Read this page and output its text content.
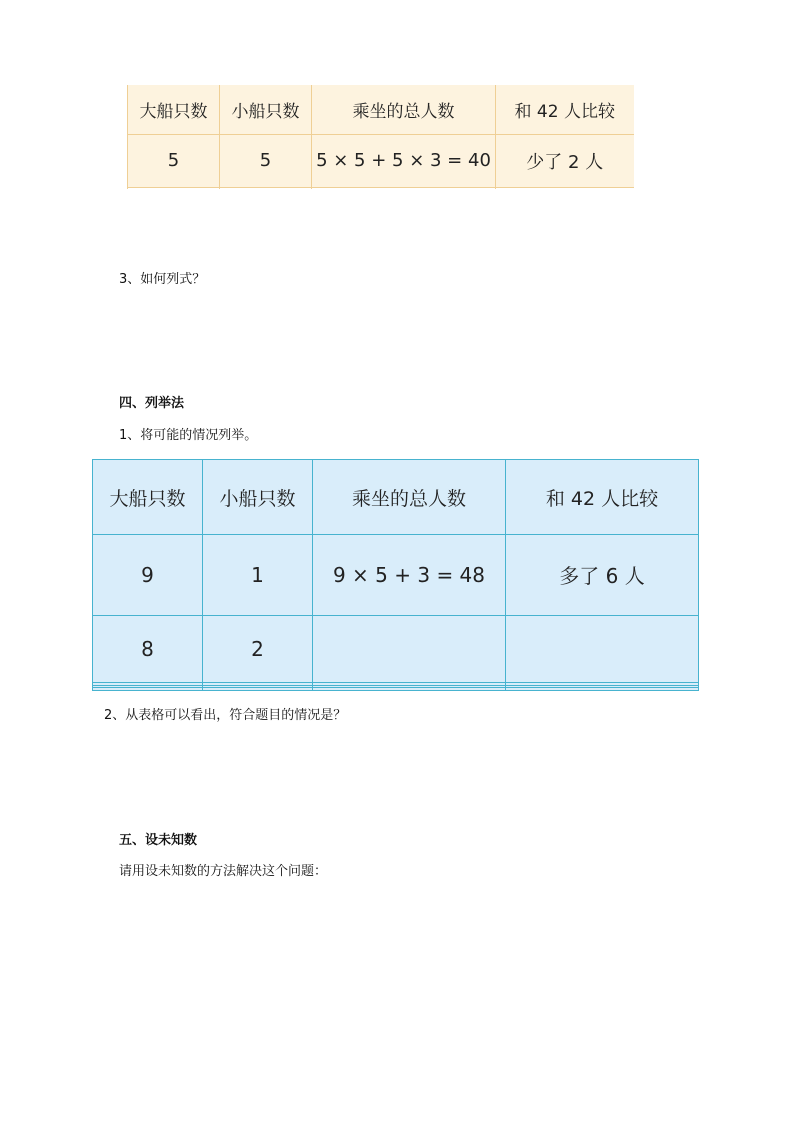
大船只数	小船只数	乘坐的总人数	和 42 人比较
5	5	5 × 5 + 5 × 3 = 40	少了 2 人

3、如何列式？
四、列举法
1、将可能的情况列举。
大船只数	小船只数	乘坐的总人数	和 42 人比较
9	1	9 × 5 + 3 = 48	多了 6 人
8	2		

2、从表格可以看出，符合题目的情况是？
五、设未知数
请用设未知数的方法解决这个问题：
